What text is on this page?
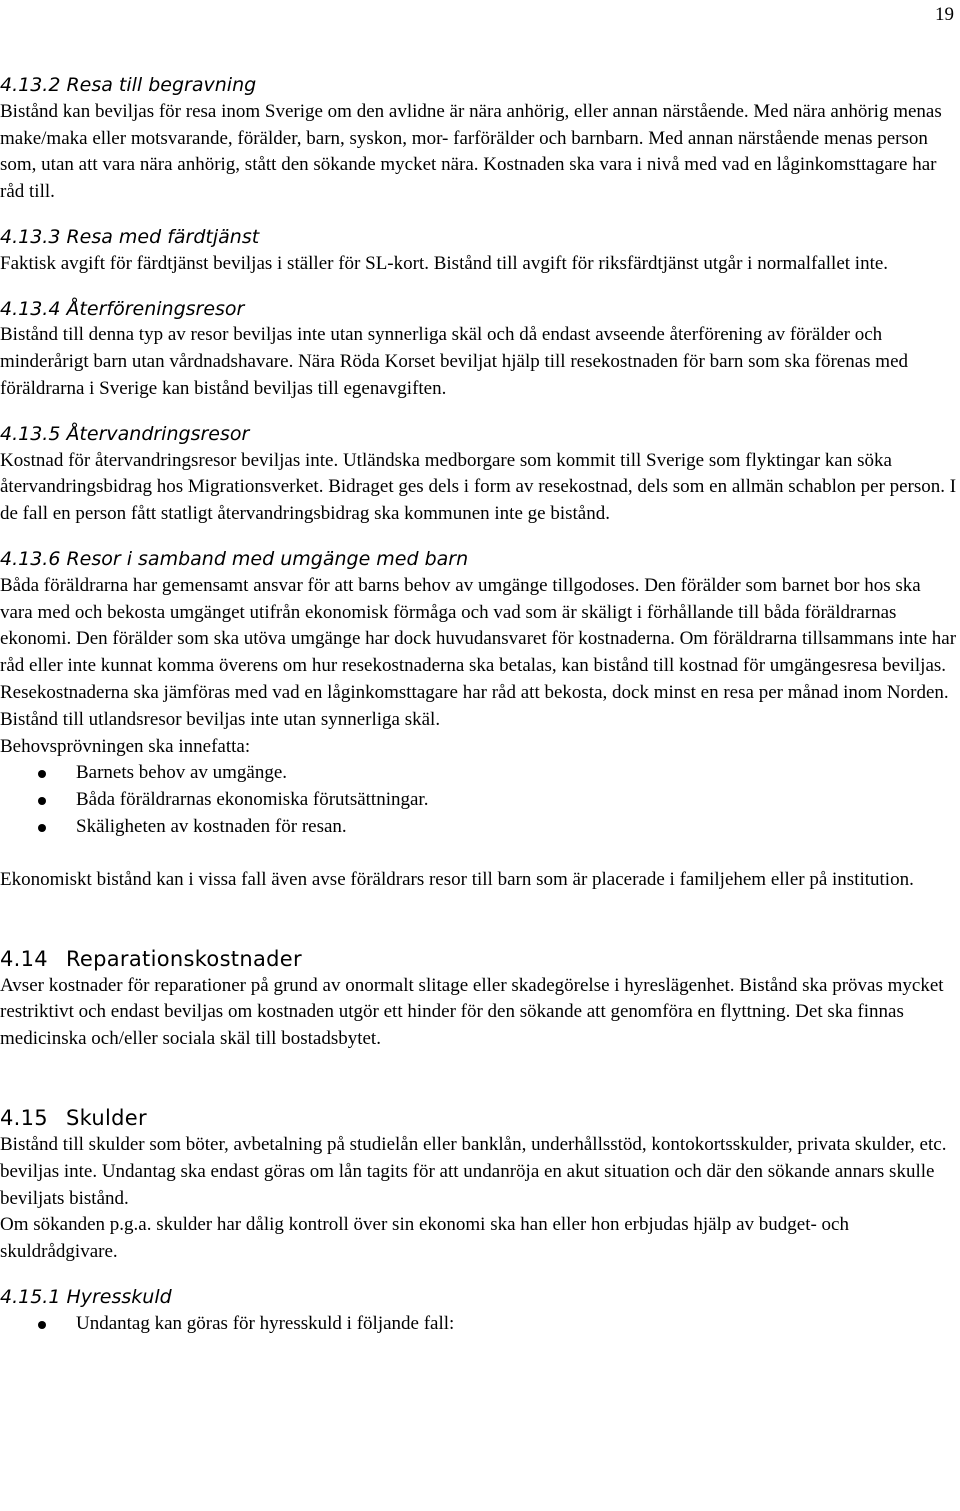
19
4.13.2 Resa till begravning

Bistånd kan beviljas för resa inom Sverige om den avlidne är nära anhörig, eller annan närstående. Med nära anhörig menas make/maka eller motsvarande, förälder, barn, syskon, mor- farförälder och barnbarn. Med annan närstående menas person som, utan att vara nära anhörig, stått den sökande mycket nära. Kostnaden ska vara i nivå med vad en låginkomsttagare har råd till.

4.13.3 Resa med färdtjänst

Faktisk avgift för färdtjänst beviljas i ställer för SL-kort. Bistånd till avgift för riksfärdtjänst utgår i normalfallet inte.

4.13.4 Återföreningsresor

Bistånd till denna typ av resor beviljas inte utan synnerliga skäl och då endast avseende återförening av förälder och minderårigt barn utan vårdnadshavare. Nära Röda Korset beviljat hjälp till resekostnaden för barn som ska förenas med föräldrarna i Sverige kan bistånd beviljas till egenavgiften.

4.13.5 Återvandringsresor

Kostnad för återvandringsresor beviljas inte. Utländska medborgare som kommit till Sverige som flyktingar kan söka återvandringsbidrag hos Migrationsverket. Bidraget ges dels i form av resekostnad, dels som en allmän schablon per person. I de fall en person fått statligt återvandringsbidrag ska kommunen inte ge bistånd.

4.13.6 Resor i samband med umgänge med barn

Båda föräldrarna har gemensamt ansvar för att barns behov av umgänge tillgodoses. Den förälder som barnet bor hos ska vara med och bekosta umgänget utifrån ekonomisk förmåga och vad som är skäligt i förhållande till båda föräldrarnas ekonomi. Den förälder som ska utöva umgänge har dock huvudansvaret för kostnaderna. Om föräldrarna tillsammans inte har råd eller inte kunnat komma överens om hur resekostnaderna ska betalas, kan bistånd till kostnad för umgängesresa beviljas. Resekostnaderna ska jämföras med vad en låginkomsttagare har råd att bekosta, dock minst en resa per månad inom Norden. Bistånd till utlandsresor beviljas inte utan synnerliga skäl.

Behovsprövningen ska innefatta:

Barnets behov av umgänge.
Båda föräldrarnas ekonomiska förutsättningar.
Skäligheten av kostnaden för resan.

Ekonomiskt bistånd kan i vissa fall även avse föräldrars resor till barn som är placerade i familjehem eller på institution.

4.14 Reparationskostnader

Avser kostnader för reparationer på grund av onormalt slitage eller skadegörelse i hyreslägenhet. Bistånd ska prövas mycket restriktivt och endast beviljas om kostnaden utgör ett hinder för den sökande att genomföra en flyttning. Det ska finnas medicinska och/eller sociala skäl till bostadsbytet.

4.15 Skulder

Bistånd till skulder som böter, avbetalning på studielån eller banklån, underhållsstöd, kontokortsskulder, privata skulder, etc. beviljas inte. Undantag ska endast göras om lån tagits för att undanröja en akut situation och där den sökande annars skulle beviljats bistånd.

Om sökanden p.g.a. skulder har dålig kontroll över sin ekonomi ska han eller hon erbjudas hjälp av budget- och skuldrådgivare.

4.15.1 Hyresskuld
Undantag kan göras för hyresskuld i följande fall:
